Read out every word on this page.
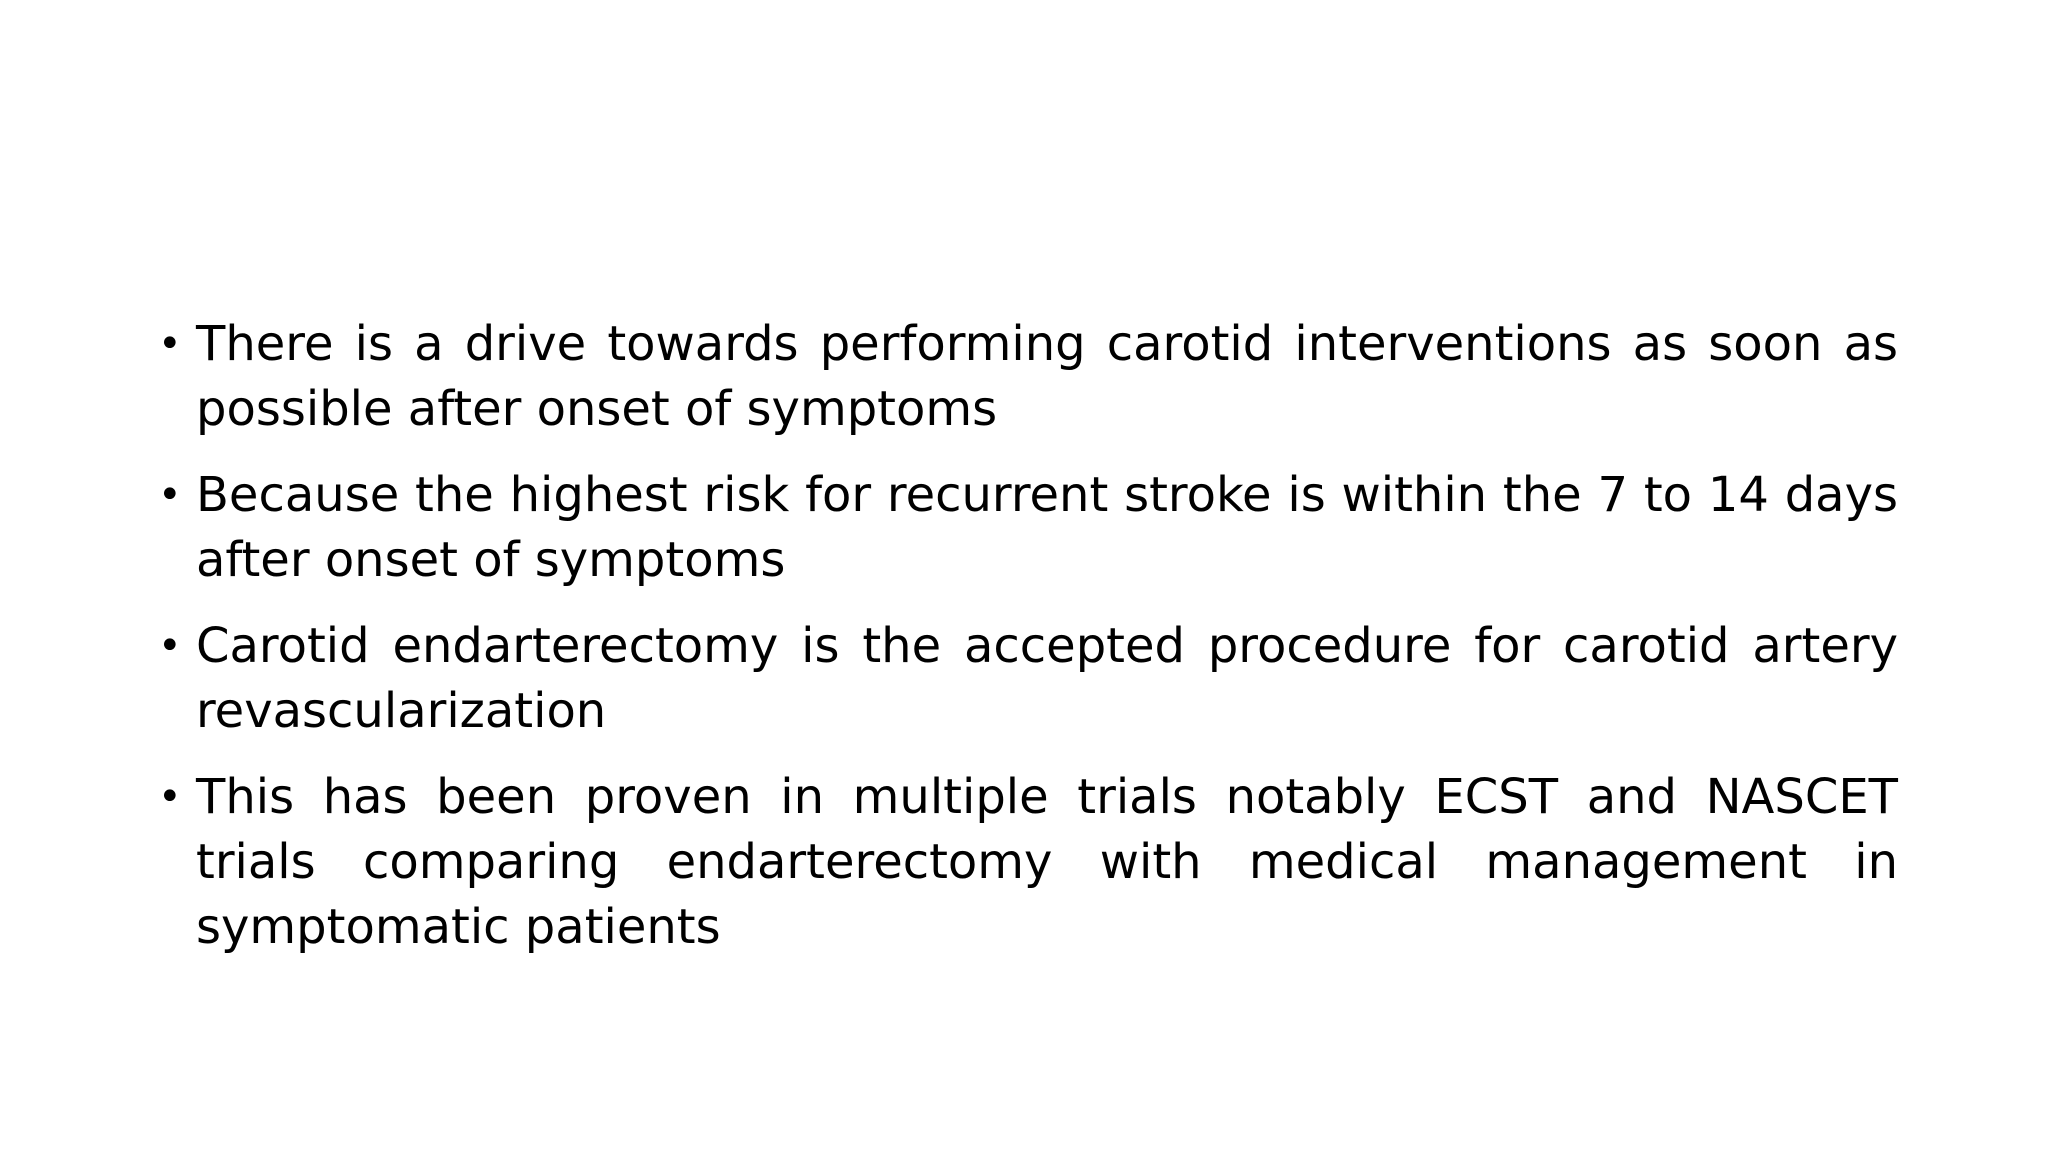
• There is a drive towards performing carotid interventions as soon as possible after onset of symptoms
• Because the highest risk for recurrent stroke is within the 7 to 14 days after onset of symptoms
• Carotid endarterectomy is the accepted procedure for carotid artery revascularization
• This has been proven in multiple trials notably ECST and NASCET trials comparing endarterectomy with medical management in symptomatic patients
